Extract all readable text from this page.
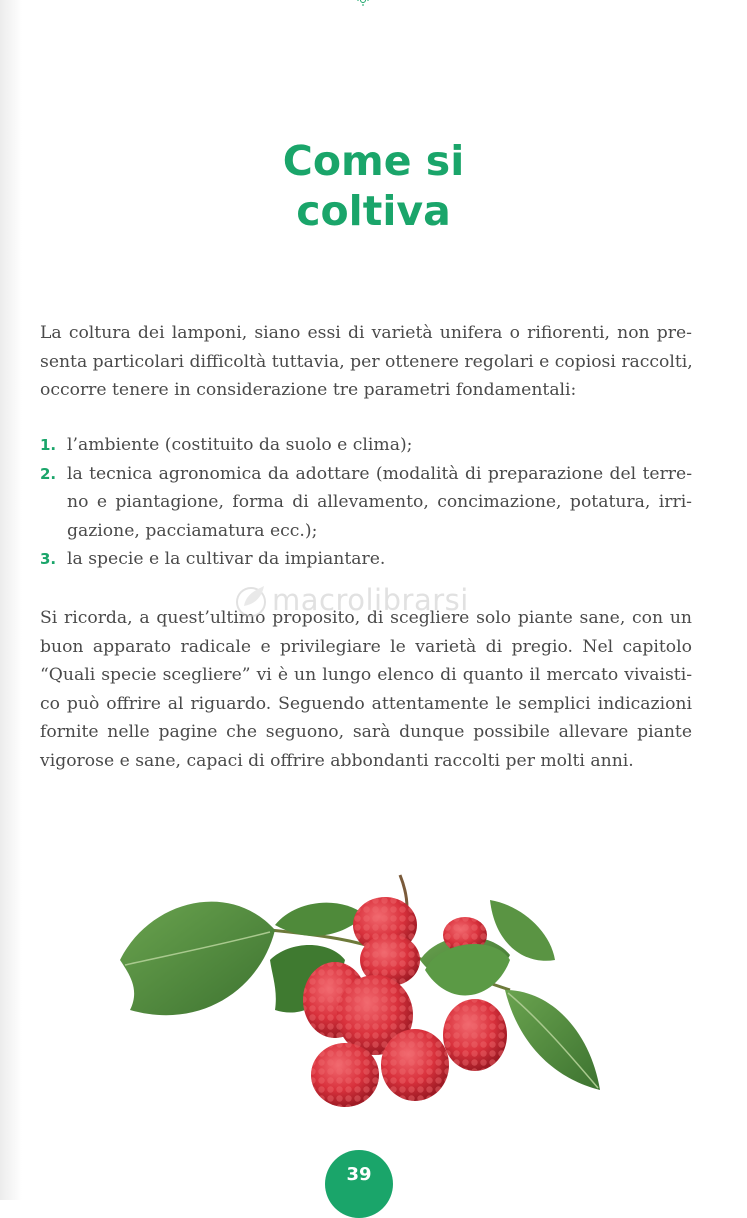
Come si
coltiva
La coltura dei lamponi, siano essi di varietà unifera o rifiorenti, non pre-
senta particolari difficoltà tuttavia, per ottenere regolari e copiosi raccolti,
occorre tenere in considerazione tre parametri fondamentali:
1. l’ambiente (costituito da suolo e clima);
2. la tecnica agronomica da adottare (modalità di preparazione del terre-
no e piantagione, forma di allevamento, concimazione, potatura, irri-
gazione, pacciamatura ecc.);
3. la specie e la cultivar da impiantare.
Si ricorda, a quest’ultimo proposito, di scegliere solo piante sane, con un
buon apparato radicale e privilegiare le varietà di pregio. Nel capitolo
“Quali specie scegliere” vi è un lungo elenco di quanto il mercato vivaisti-
co può offrire al riguardo. Seguendo attentamente le semplici indicazioni
fornite nelle pagine che seguono, sarà dunque possibile allevare piante
vigorose e sane, capaci di offrire abbondanti raccolti per molti anni.
macrolibrarsi
39
